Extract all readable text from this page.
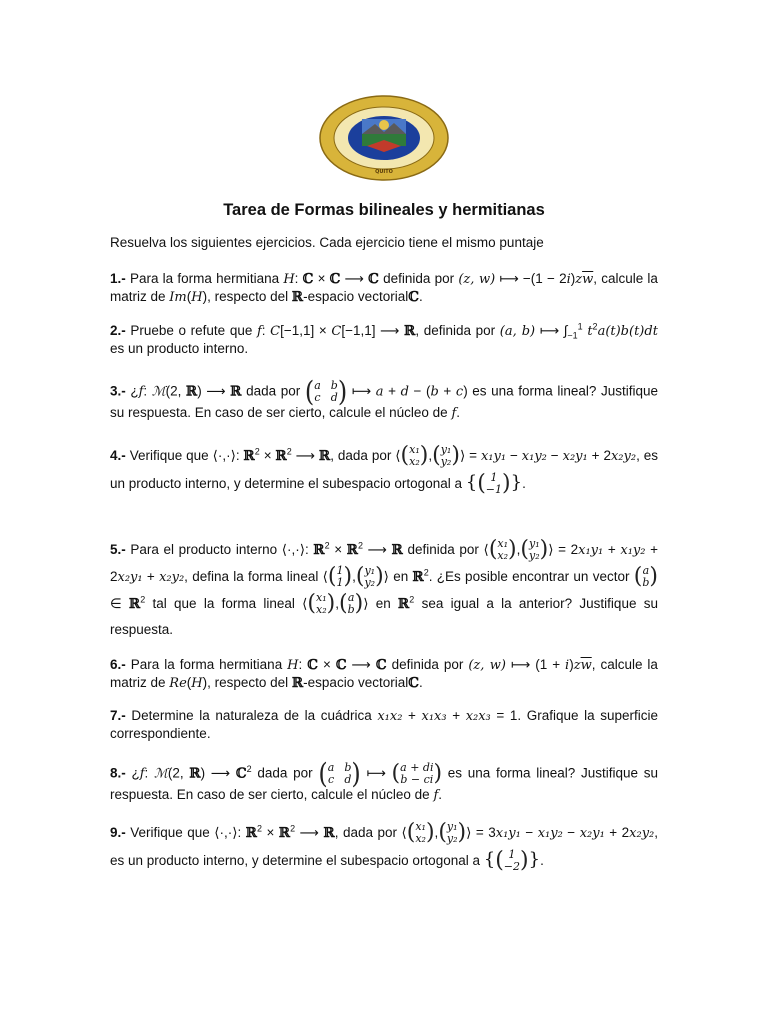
QUITO
Tarea de Formas bilineales y hermitianas
Resuelva los siguientes ejercicios. Cada ejercicio tiene el mismo puntaje
1.- Para la forma hermitiana H: ℂ × ℂ ⟶ ℂ definida por (z, w) ⟼ $-(1 - 2i)z\overline{w}$, calcule la matriz de Im(H), respecto del ℝ-espacio vectorialℂ.
2.- Pruebe o refute que f: C[−1,1] × C[−1,1] ⟶ ℝ, definida por (a, b) ⟼ $\int_{-1}^1$ $t^2a(t)b(t)dt$ es un producto interno.
3.- ¿f: ℳ(2, ℝ) ⟶ ℝ dada por ( a b
c d ) ⟼ a + d − (b + c) es una forma lineal? Justifique su respuesta. En caso de ser cierto, calcule el núcleo de f.
4.- Verifique que ⟨·,·⟩: ℝ$^2$ × ℝ$^2$ ⟶ ℝ, dada por ⟨ ( x₁
x₂ ) , ( y₁
y₂ ) ⟩ = x₁y₁ − x₁y₂ − x₂y₁ + 2x₂y₂, es un producto interno, y determine el subespacio ortogonal a { ( 1
−1 ) }.
5.- Para el producto interno ⟨·,·⟩: ℝ$^2$ × ℝ$^2$ ⟶ ℝ definida por ⟨ ( x₁
x₂ ) , ( y₁
y₂ ) ⟩ = 2x₁y₁ + x₁y₂ + 2x₂y₁ + x₂y₂, defina la forma lineal ⟨ ( 1
1 ) , ( y₁
y₂ ) ⟩ en ℝ$^2$. ¿Es posible encontrar un vector ( a
b )
∈ ℝ$^2$ tal que la forma lineal ⟨ ( x₁
x₂ ) , ( a
b ) ⟩ en ℝ$^2$ sea igual a la anterior? Justifique su respuesta.
6.- Para la forma hermitiana H: ℂ × ℂ ⟶ ℂ definida por (z, w) ⟼ $(1 + i)z\overline{w}$, calcule la matriz de Re(H), respecto del ℝ-espacio vectorialℂ.
7.- Determine la naturaleza de la cuádrica x₁x₂ + x₁x₃ + x₂x₃ = 1. Grafique la superficie correspondiente.
8.- ¿f: ℳ(2, ℝ) ⟶ ℂ$^2$ dada por ( a b
c d ) ⟼ ( a + di
b − ci ) es una forma lineal? Justifique su respuesta. En caso de ser cierto, calcule el núcleo de f.
9.- Verifique que ⟨·,·⟩: ℝ$^2$ × ℝ$^2$ ⟶ ℝ, dada por ⟨ ( x₁
x₂ ) , ( y₁
y₂ ) ⟩ = 3x₁y₁ − x₁y₂ − x₂y₁ + 2x₂y₂, es un producto interno, y determine el subespacio ortogonal a { ( 1
−2 ) }.
